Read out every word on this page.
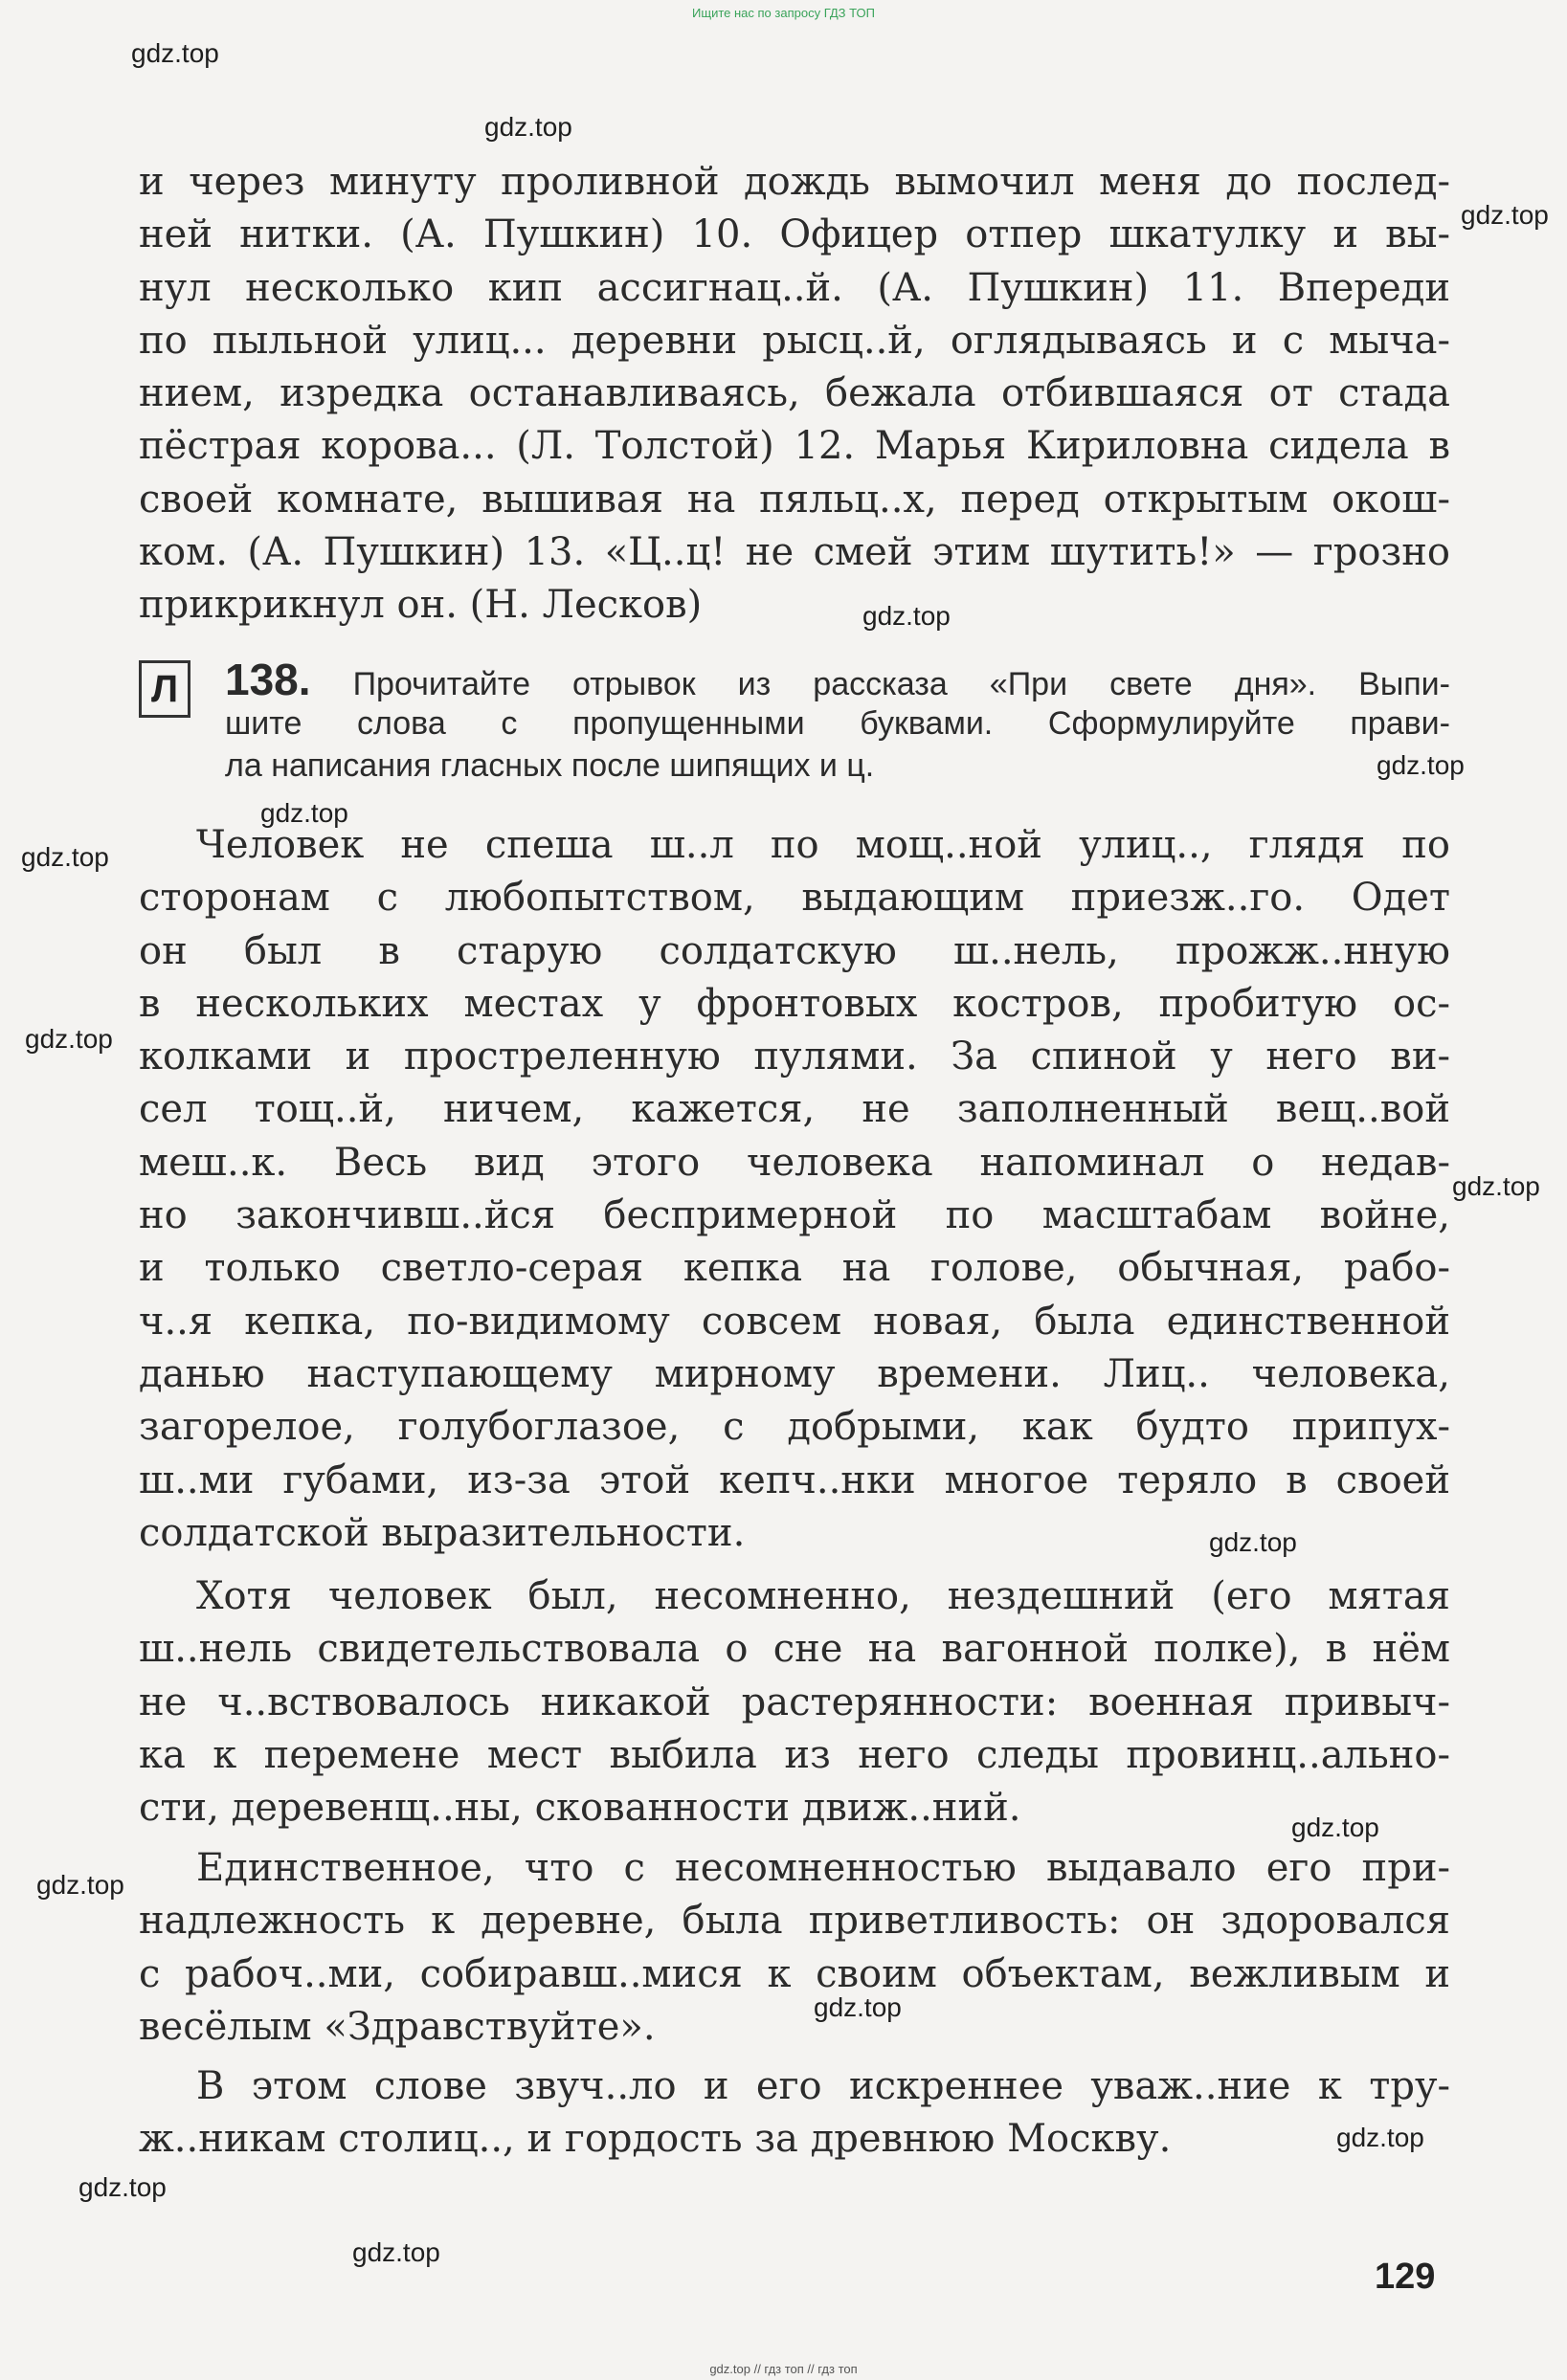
Ищите нас по запросу ГДЗ ТОП
gdz.top
gdz.top
gdz.top
gdz.top
gdz.top
gdz.top
gdz.top
gdz.top
gdz.top
gdz.top
gdz.top
gdz.top
gdz.top
gdz.top
gdz.top
gdz.top
и через минуту проливной дождь вымочил меня до послед-
ней нитки. (А. Пушкин) 10. Офицер отпер шкатулку и вы-
нул несколько кип ассигнац..й. (А. Пушкин) 11. Впереди
по пыльной улиц... деревни рысц..й, оглядываясь и с мыча-
нием, изредка останавливаясь, бежала отбившаяся от стада
пёстрая корова... (Л. Толстой) 12. Марья Кириловна сидела в
своей комнате, вышивая на пяльц..х, перед открытым окош-
ком. (А. Пушкин) 13. «Ц..ц! не смей этим шутить!» — грозно
прикрикнул он. (Н. Лесков)
Л 138. Прочитайте отрывок из рассказа «При свете дня». Выпи-
шите слова с пропущенными буквами. Сформулируйте прави-
ла написания гласных после шипящих и ц.
Человек не спеша ш..л по мощ..ной улиц.., глядя по
сторонам с любопытством, выдающим приезж..го. Одет
он был в старую солдатскую ш..нель, прожж..нную
в нескольких местах у фронтовых костров, пробитую ос-
колками и простреленную пулями. За спиной у него ви-
сел тощ..й, ничем, кажется, не заполненный вещ..вой
меш..к. Весь вид этого человека напоминал о недав-
но закончивш..йся беспримерной по масштабам войне,
и только светло-серая кепка на голове, обычная, рабо-
ч..я кепка, по-видимому совсем новая, была единственной
данью наступающему мирному времени. Лиц.. человека,
загорелое, голубоглазое, с добрыми, как будто припух-
ш..ми губами, из-за этой кепч..нки многое теряло в своей
солдатской выразительности.
Хотя человек был, несомненно, нездешний (его мятая
ш..нель свидетельствовала о сне на вагонной полке), в нём
не ч..вствовалось никакой растерянности: военная привыч-
ка к перемене мест выбила из него следы провинц..альнo-
сти, деревенщ..ны, скованности движ..ний.
Единственное, что с несомненностью выдавало его при-
надлежность к деревне, была приветливость: он здоровался
с рабоч..ми, собиравш..мися к своим объектам, вежливым и
весёлым «Здравствуйте».
В этом слове звуч..ло и его искреннее уваж..ние к тру-
ж..никам столиц.., и гордость за древнюю Москву.
129
gdz.top // гдз топ // гдз топ
